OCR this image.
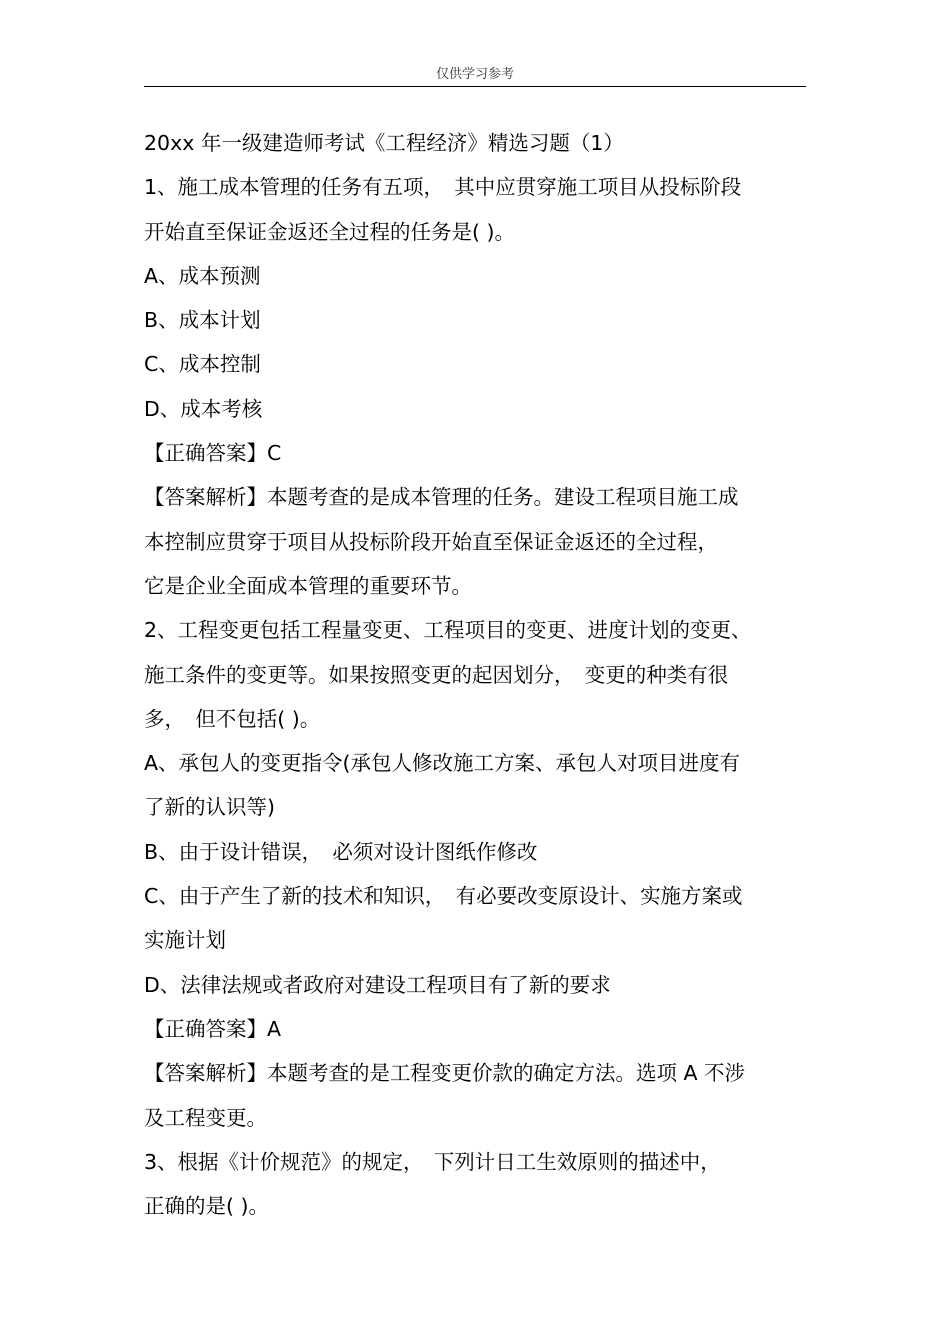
仅供学习参考
20xx 年一级建造师考试《工程经济》精选习题（1）
1、施工成本管理的任务有五项，　其中应贯穿施工项目从投标阶段
开始直至保证金返还全过程的任务是( )。
A、成本预测
B、成本计划
C、成本控制
D、成本考核
【正确答案】C
【答案解析】本题考查的是成本管理的任务。建设工程项目施工成
本控制应贯穿于项目从投标阶段开始直至保证金返还的全过程，
它是企业全面成本管理的重要环节。
2、工程变更包括工程量变更、工程项目的变更、进度计划的变更、
施工条件的变更等。如果按照变更的起因划分，　变更的种类有很
多，　但不包括( )。
A、承包人的变更指令(承包人修改施工方案、承包人对项目进度有
了新的认识等)
B、由于设计错误，　必须对设计图纸作修改
C、由于产生了新的技术和知识，　有必要改变原设计、实施方案或
实施计划
D、法律法规或者政府对建设工程项目有了新的要求
【正确答案】A
【答案解析】本题考查的是工程变更价款的确定方法。选项 A 不涉
及工程变更。
3、根据《计价规范》的规定，　下列计日工生效原则的描述中，
正确的是( )。
